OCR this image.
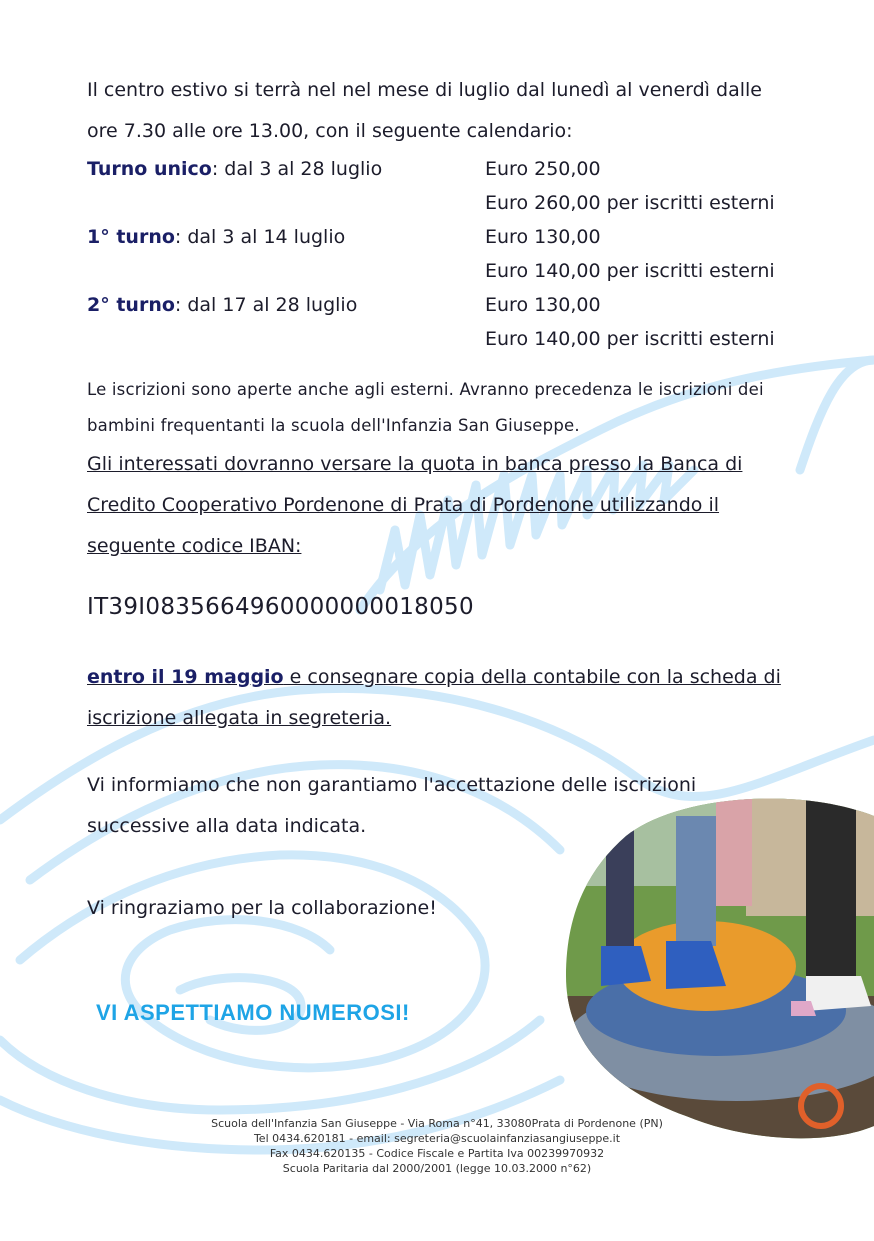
Il centro estivo si terrà nel nel mese di luglio dal lunedì al venerdì dalle ore 7.30 alle ore 13.00, con il seguente calendario:

Turno unico: dal 3 al 28 luglio	Euro 250,00
Euro 260,00 per iscritti esterni
1° turno: dal 3 al 14 luglio	Euro 130,00
Euro 140,00 per iscritti esterni
2° turno: dal 17 al 28 luglio	Euro 130,00
Euro 140,00 per iscritti esterni

Le iscrizioni sono aperte anche agli esterni. Avranno precedenza le iscrizioni dei bambini frequentanti la scuola dell'Infanzia San Giuseppe.

Gli interessati dovranno versare la quota in banca presso la Banca di Credito Cooperativo Pordenone di Prata di Pordenone utilizzando il seguente codice IBAN:

IT39I0835664960000000018050

entro il 19 maggio e consegnare copia della contabile con la scheda di iscrizione allegata in segreteria.

Vi informiamo che non garantiamo l'accettazione delle iscrizioni successive alla data indicata.

Vi ringraziamo per la collaborazione!

VI ASPETTIAMO NUMEROSI!

Scuola dell'Infanzia San Giuseppe - Via Roma n°41, 33080Prata di Pordenone (PN)
Tel 0434.620181 - email: segreteria@scuolainfanziasangiuseppe.it
Fax 0434.620135 - Codice Fiscale e Partita Iva 00239970932
Scuola Paritaria dal 2000/2001 (legge 10.03.2000 n°62)
